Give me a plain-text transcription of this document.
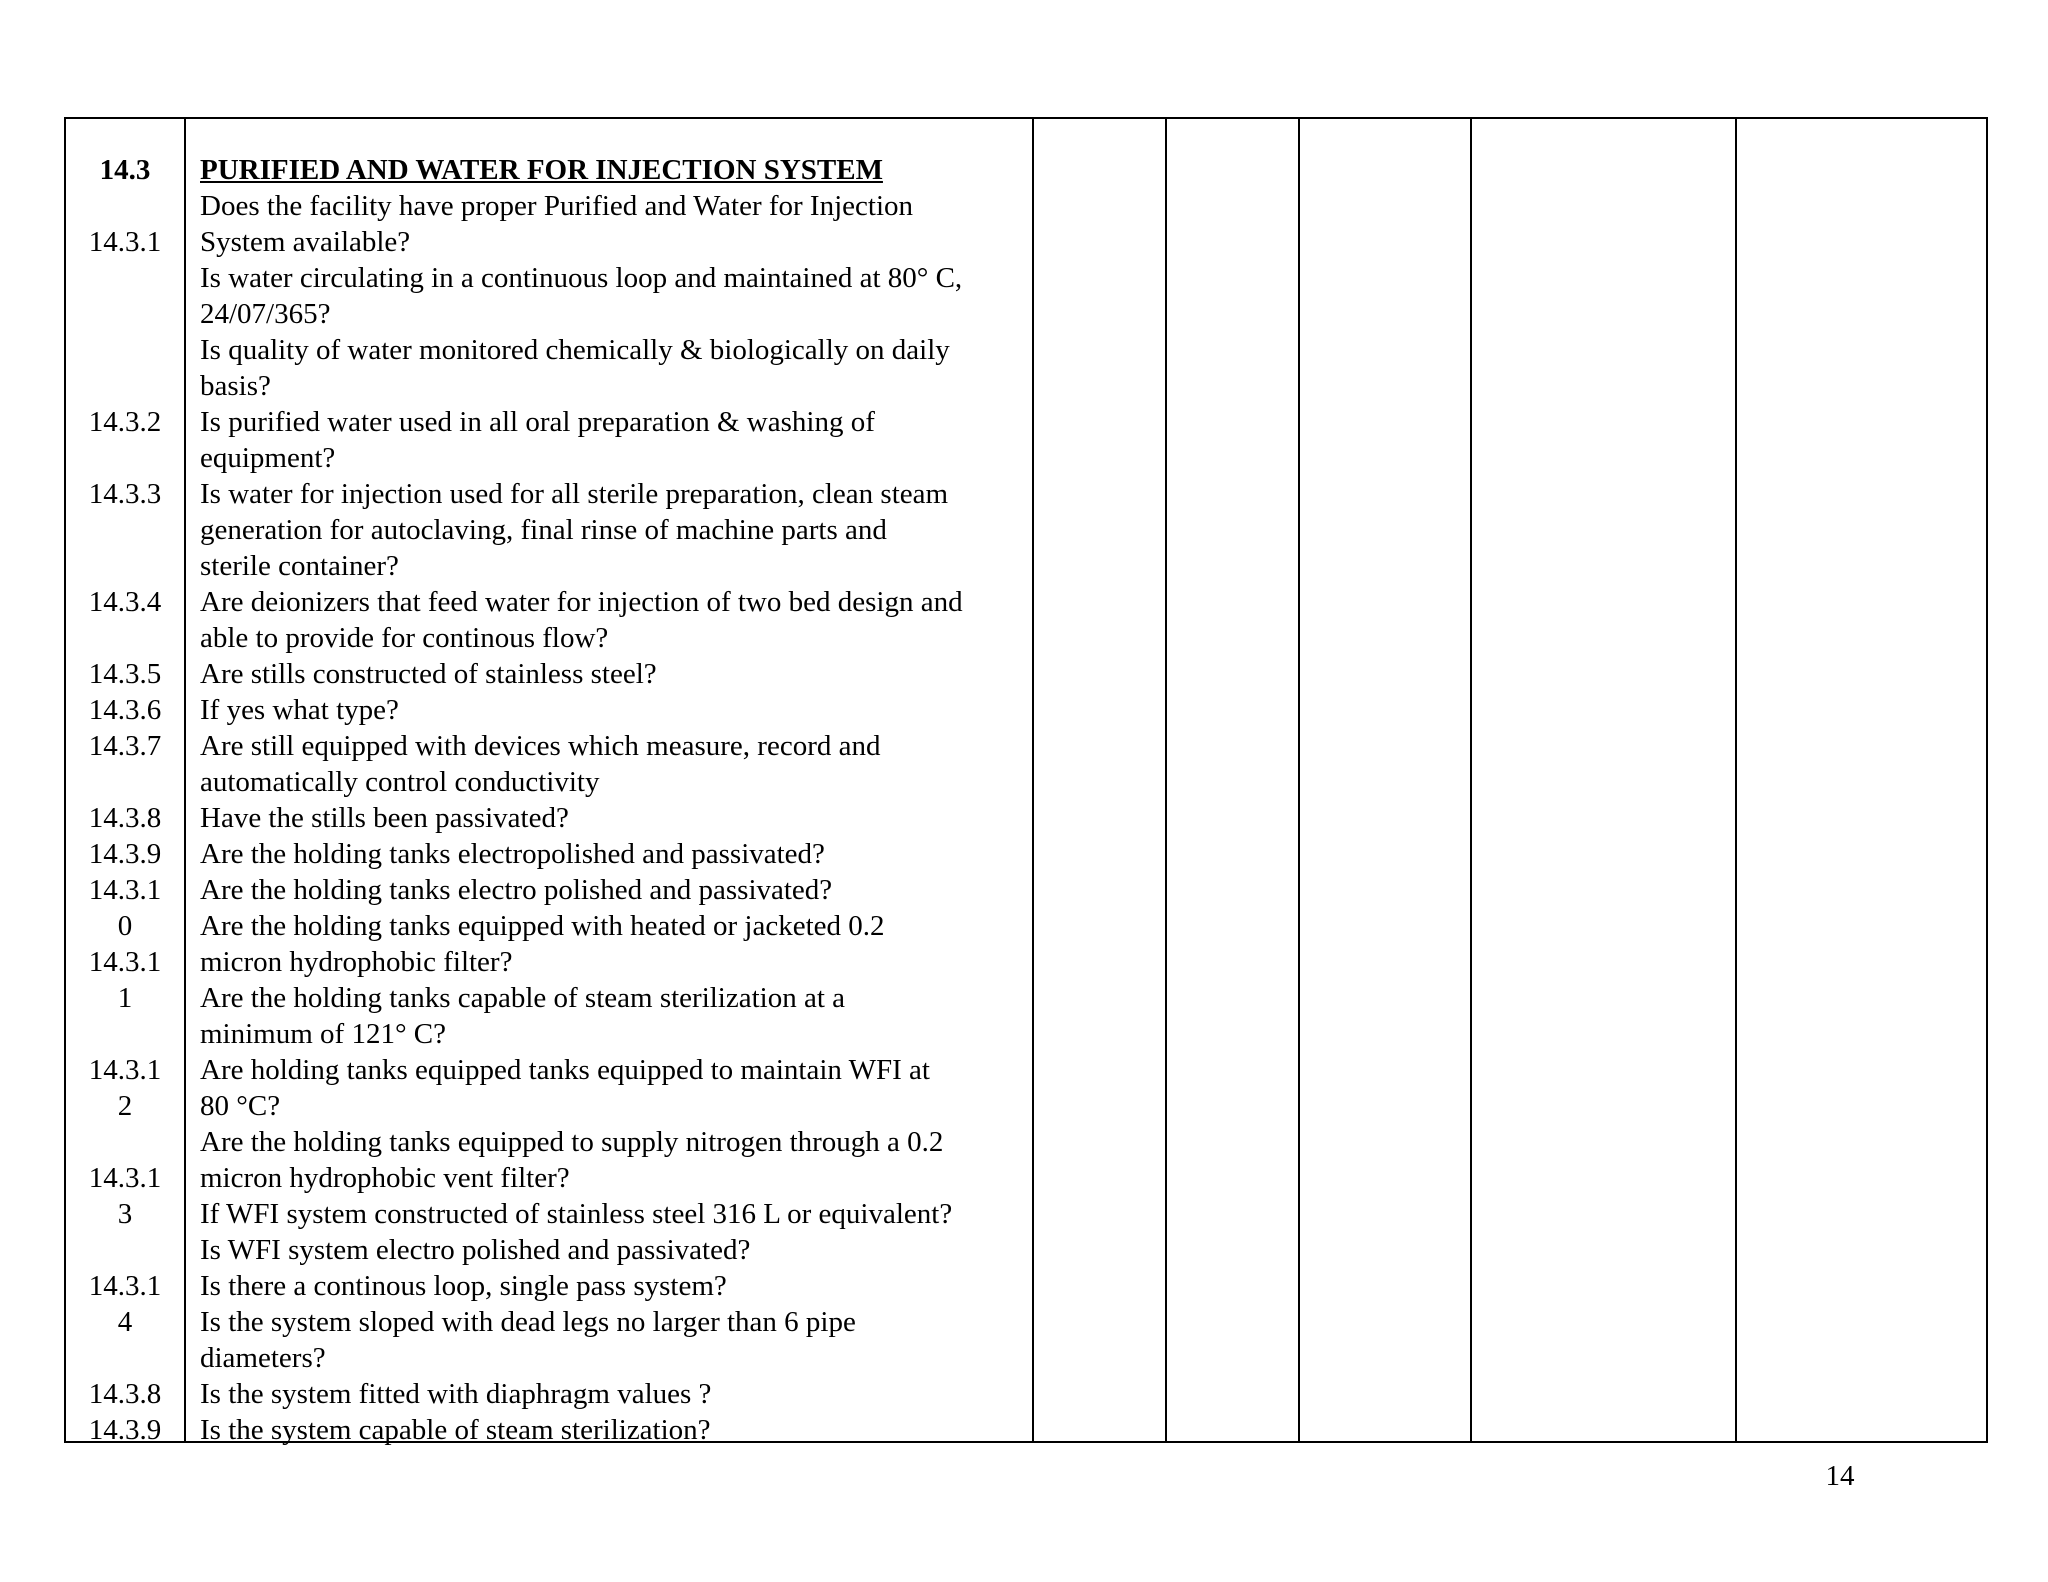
14.3
14.3.1
14.3.2
14.3.3
14.3.4
14.3.5
14.3.6
14.3.7
14.3.8
14.3.9
14.3.1
0
14.3.1
1
14.3.1
2
14.3.1
3
14.3.1
4
14.3.8
14.3.9
PURIFIED AND WATER FOR INJECTION SYSTEM
Does the facility have proper Purified and Water for Injection
System available?
Is water circulating in a continuous loop and maintained at 80° C,
24/07/365?
Is quality of water monitored chemically & biologically on daily
basis?
Is purified water used in all oral preparation & washing of
equipment?
Is water for injection used for all sterile preparation, clean steam
generation for autoclaving, final rinse of machine parts and
sterile container?
Are deionizers that feed water for injection of two bed design and
able to provide for continous flow?
Are stills constructed of stainless steel?
If yes what type?
Are still equipped with devices which measure, record and
automatically control conductivity
Have the stills been passivated?
Are the holding tanks electropolished and passivated?
Are the holding tanks electro polished and passivated?
Are the holding tanks equipped with heated or jacketed 0.2
micron hydrophobic filter?
Are the holding tanks capable of steam sterilization at a
minimum of 121° C?
Are holding tanks equipped tanks equipped to maintain WFI at
80 °C?
Are the holding tanks equipped to supply nitrogen through a 0.2
micron hydrophobic vent filter?
If WFI system constructed of stainless steel 316 L or equivalent?
Is WFI system electro polished and passivated?
Is there a continous loop, single pass system?
Is the system sloped with dead legs no larger than 6 pipe
diameters?
Is the system fitted with diaphragm values ?
Is the system capable of steam sterilization?
14
